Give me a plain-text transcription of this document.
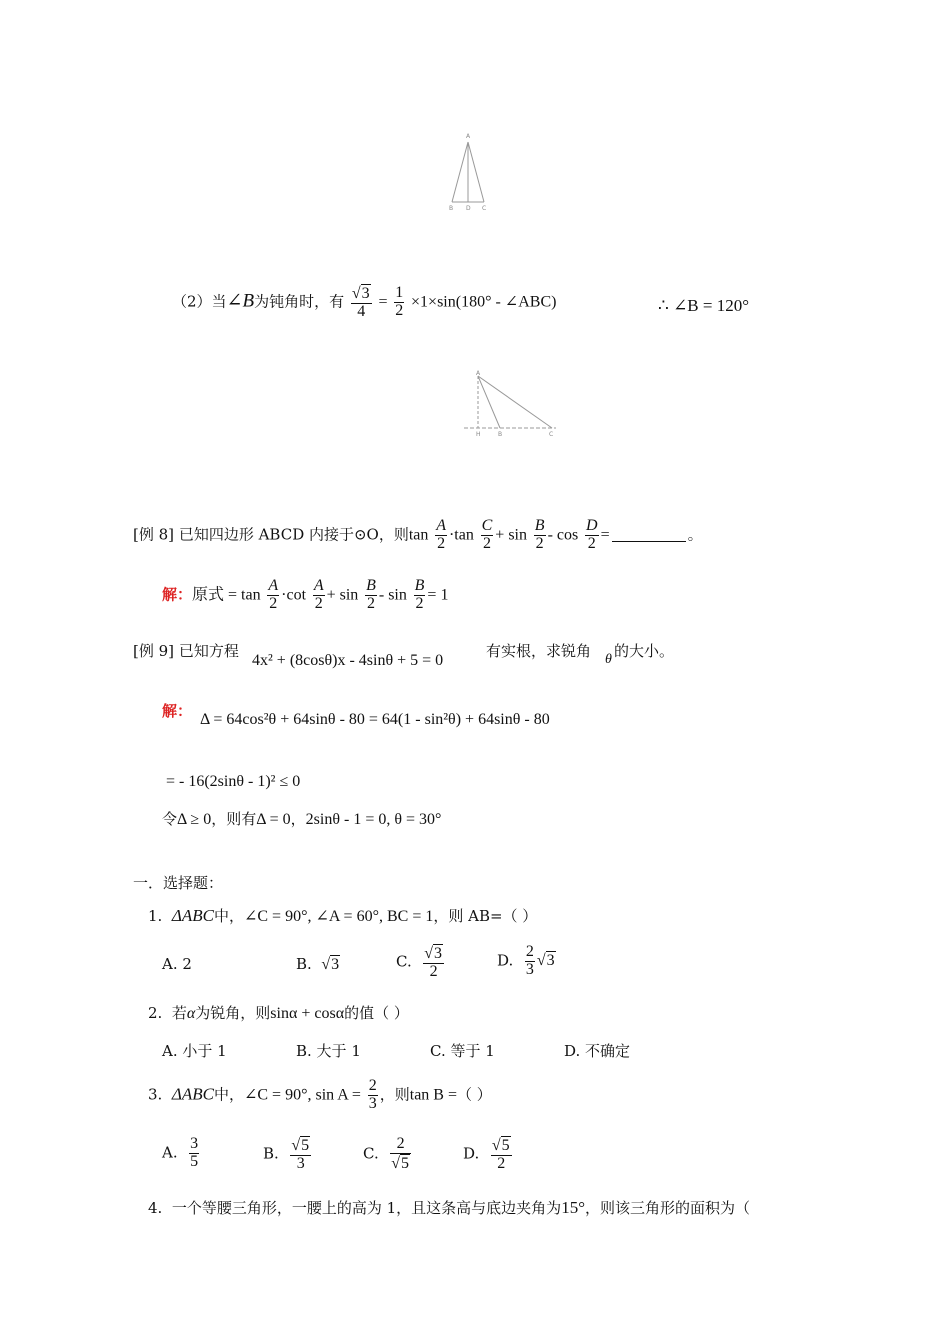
A
B D C
（2）当∠B为钝角时，有 $\frac{√3}{4} = \frac{1}{2} \times 1\times\sin(180^\circ$ - ∠ABC)	∴ ∠B = 120°
A
H	B	C
[例 8] 已知四边形 ABCD 内接于⊙O，则$\tan \frac{A}{2} \cdot\tan \frac{C}{2} + \sin \frac{B}{2} - \cos \frac{D}{2}$ =	。
解：原式 = $\tan \frac{A}{2} \cdot\cot \frac{A}{2} + \sin \frac{B}{2} - \sin \frac{B}{2} = 1$
[例 9] 已知方程
4x² + (8cosθ)x - 4sinθ + 5 = 0
有实根，求锐角 θ 的大小。
解： Δ = 64cos²θ + 64sinθ - 80 = 64(1 - sin²θ) + 64sinθ - 80
= - 16(2sinθ - 1)² ≤ 0
令Δ ≥ 0，则有Δ = 0，2sinθ - 1 = 0, θ = 30°
一．选择题：
1. ΔABC中，∠C = 90°, ∠A = 60°, BC = 1，则 AB=（ ）
A. 2	B. √3	C. $\frac{√3}{2}$	D. $\frac{2}{3} √3$
2. 若α为锐角，则sinα + cosα的值（ ）
A. 小于 1	B. 大于 1	C. 等于 1	D. 不确定
3. ΔABC中，∠C = 90°, $\sin A = \frac{2}{3}$ ，则tan B =（ ）
A. $\frac{3}{5}$	B. $\frac{√5}{3}$	C. $\frac{2}{√5}$	D. $\frac{√5}{2}$
4. 一个等腰三角形，一腰上的高为 1，且这条高与底边夹角为15°，则该三角形的面积为（
